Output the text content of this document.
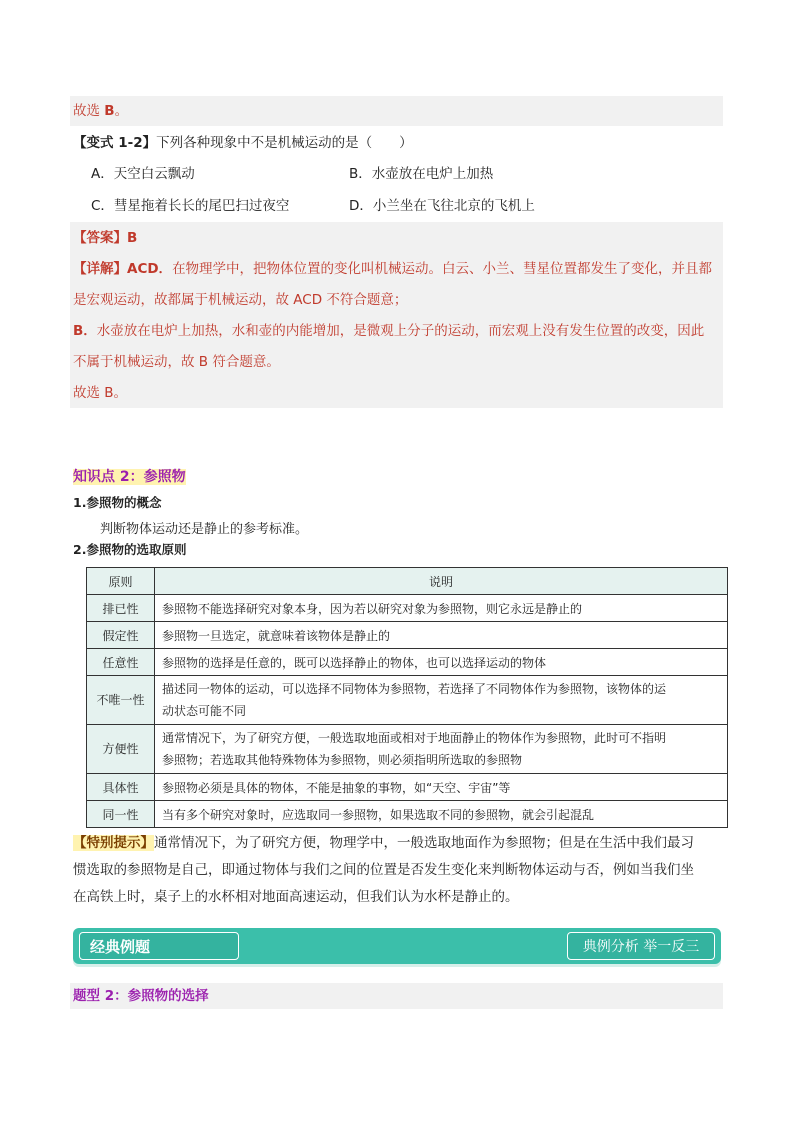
故选 B。
【变式 1-2】下列各种现象中不是机械运动的是（　　）
A．天空白云飘动	B．水壶放在电炉上加热
C．彗星拖着长长的尾巴扫过夜空	D．小兰坐在飞往北京的飞机上
【答案】B
【详解】ACD．在物理学中，把物体位置的变化叫机械运动。白云、小兰、彗星位置都发生了变化，并且都
是宏观运动，故都属于机械运动，故 ACD 不符合题意；
B．水壶放在电炉上加热，水和壶的内能增加，是微观上分子的运动，而宏观上没有发生位置的改变，因此
不属于机械运动，故 B 符合题意。
故选 B。
知识点 2：参照物
1.参照物的概念
判断物体运动还是静止的参考标准。
2.参照物的选取原则
原则	说明
排已性	参照物不能选择研究对象本身，因为若以研究对象为参照物，则它永远是静止的
假定性	参照物一旦选定，就意味着该物体是静止的
任意性	参照物的选择是任意的，既可以选择静止的物体，也可以选择运动的物体
不唯一性	描述同一物体的运动，可以选择不同物体为参照物，若选择了不同物体作为参照物，该物体的运
动状态可能不同

方便性	通常情况下，为了研究方便，一般选取地面或相对于地面静止的物体作为参照物，此时可不指明
参照物；若选取其他特殊物体为参照物，则必须指明所选取的参照物

具体性	参照物必须是具体的物体，不能是抽象的事物，如“天空、宇宙”等
同一性	当有多个研究对象时，应选取同一参照物，如果选取不同的参照物，就会引起混乱
【特别提示】通常情况下，为了研究方便，物理学中，一般选取地面作为参照物；但是在生活中我们最习
惯选取的参照物是自己，即通过物体与我们之间的位置是否发生变化来判断物体运动与否，例如当我们坐
在高铁上时，桌子上的水杯相对地面高速运动，但我们认为水杯是静止的。
经典例题	典例分析 举一反三
题型 2：参照物的选择
